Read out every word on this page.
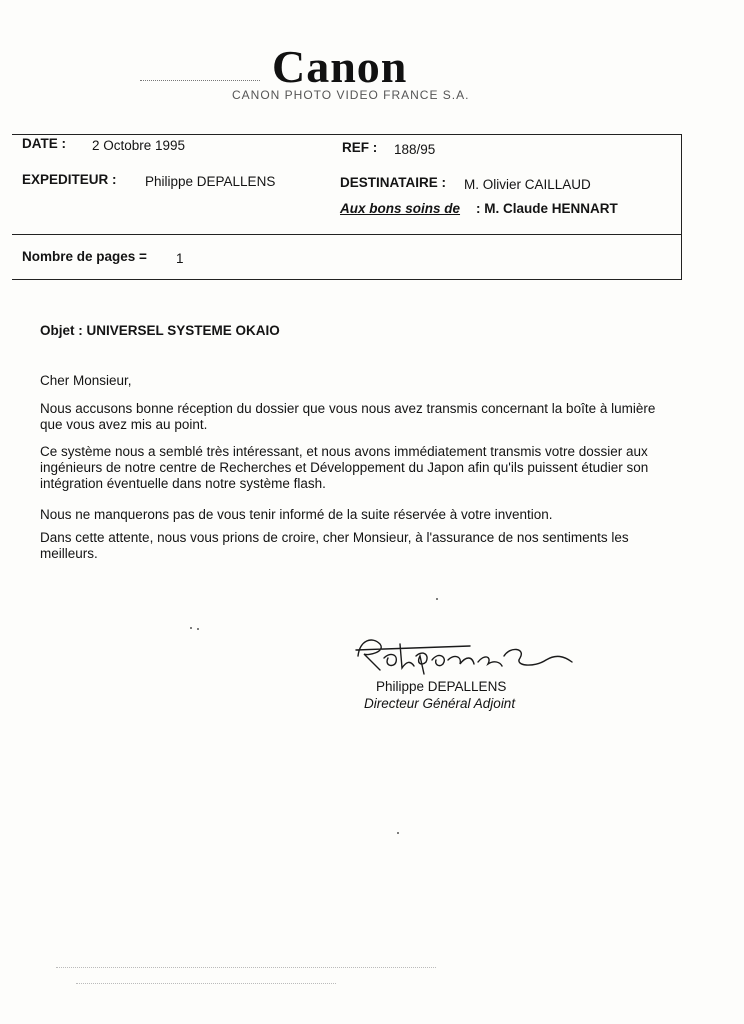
Canon
CANON PHOTO VIDEO FRANCE S.A.
DATE : 2 Octobre 1995	REF : 188/95
EXPEDITEUR : Philippe DEPALLENS	DESTINATAIRE : M. Olivier CAILLAUD
Aux bons soins de : M. Claude HENNART
Nombre de pages = 1
Objet : UNIVERSEL SYSTEME OKAIO
Cher Monsieur,
Nous accusons bonne réception du dossier que vous nous avez transmis concernant la boîte à lumière que vous avez mis au point.
Ce système nous a semblé très intéressant, et nous avons immédiatement transmis votre dossier aux ingénieurs de notre centre de Recherches et Développement du Japon afin qu'ils puissent étudier son intégration éventuelle dans notre système flash.
Nous ne manquerons pas de vous tenir informé de la suite réservée à votre invention.
Dans cette attente, nous vous prions de croire, cher Monsieur, à l'assurance de nos sentiments les meilleurs.
Philippe DEPALLENS
Directeur Général Adjoint
